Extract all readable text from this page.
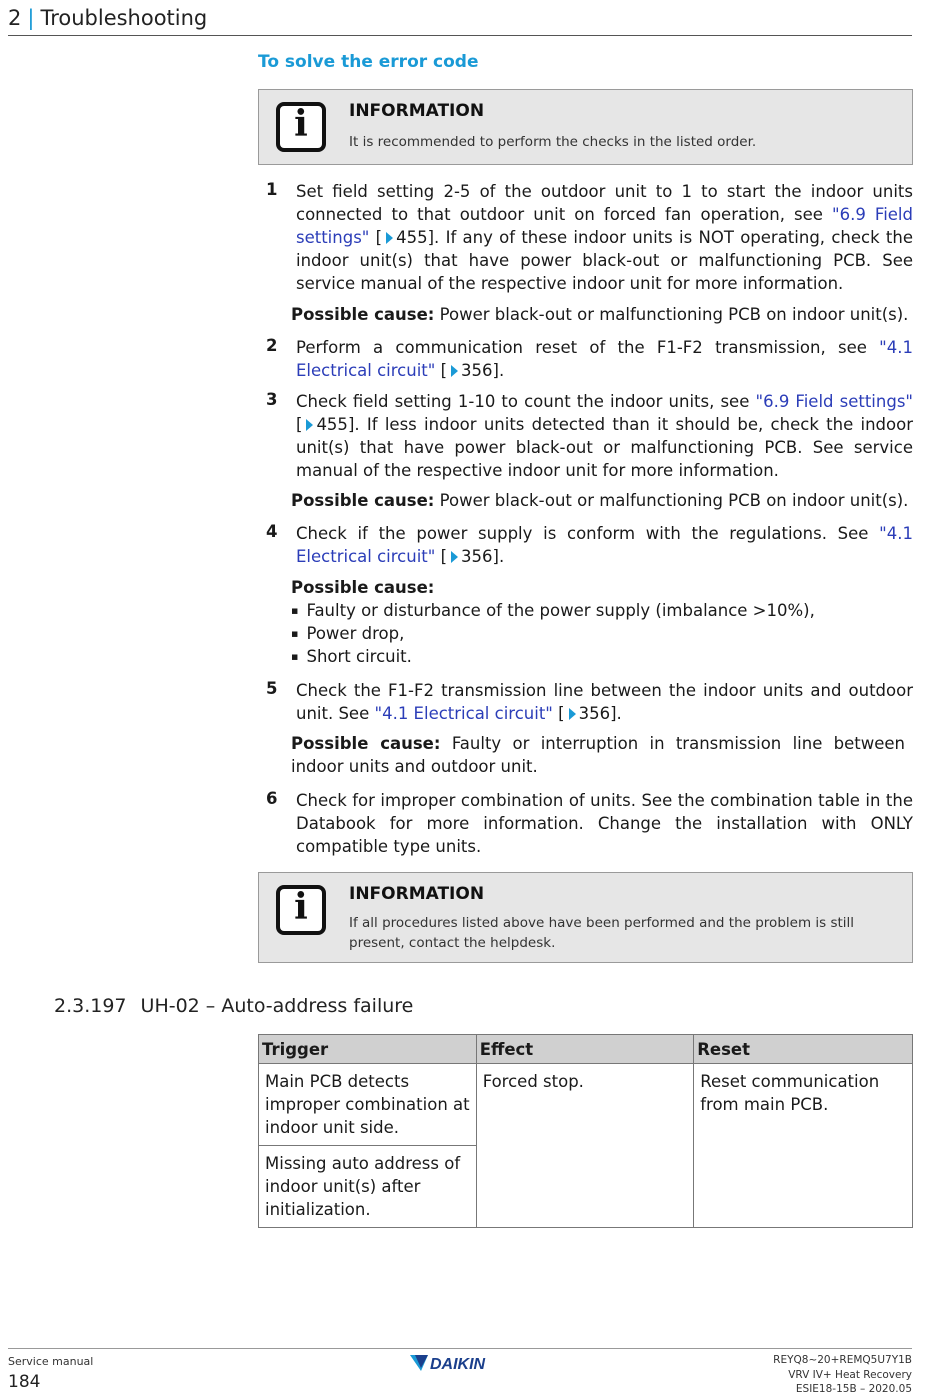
2 | Troubleshooting
To solve the error code
i	INFORMATION
It is recommended to perform the checks in the listed order.
1 Set field setting 2-5 of the outdoor unit to 1 to start the indoor units connected to that outdoor unit on forced fan operation, see "6.9 Field settings" [ 455]. If any of these indoor units is NOT operating, check the indoor unit(s) that have power black-out or malfunctioning PCB. See service manual of the respective indoor unit for more information.
Possible cause: Power black-out or malfunctioning PCB on indoor unit(s).
2 Perform a communication reset of the F1-F2 transmission, see "4.1 Electrical circuit" [ 356].
3 Check field setting 1-10 to count the indoor units, see "6.9 Field settings" [ 455]. If less indoor units detected than it should be, check the indoor unit(s) that have power black-out or malfunctioning PCB. See service manual of the respective indoor unit for more information.
Possible cause: Power black-out or malfunctioning PCB on indoor unit(s).
4 Check if the power supply is conform with the regulations. See "4.1 Electrical circuit" [ 356].
Possible cause:
▪ Faulty or disturbance of the power supply (imbalance >10%),
▪ Power drop,
▪ Short circuit.
5 Check the F1-F2 transmission line between the indoor units and outdoor unit. See "4.1 Electrical circuit" [ 356].
Possible cause: Faulty or interruption in transmission line between indoor units and outdoor unit.
6 Check for improper combination of units. See the combination table in the Databook for more information. Change the installation with ONLY compatible type units.
i	INFORMATION
If all procedures listed above have been performed and the problem is still present, contact the helpdesk.
2.3.197 UH-02 – Auto-address failure
Trigger	Effect	Reset
Main PCB detects improper combination at indoor unit side.	Forced stop.	Reset communication from main PCB.
Missing auto address of indoor unit(s) after initialization.		
Service manual
184
DAIKIN	REYQ8~20+REMQ5U7Y1B
VRV IV+ Heat Recovery
ESIE18-15B – 2020.05
